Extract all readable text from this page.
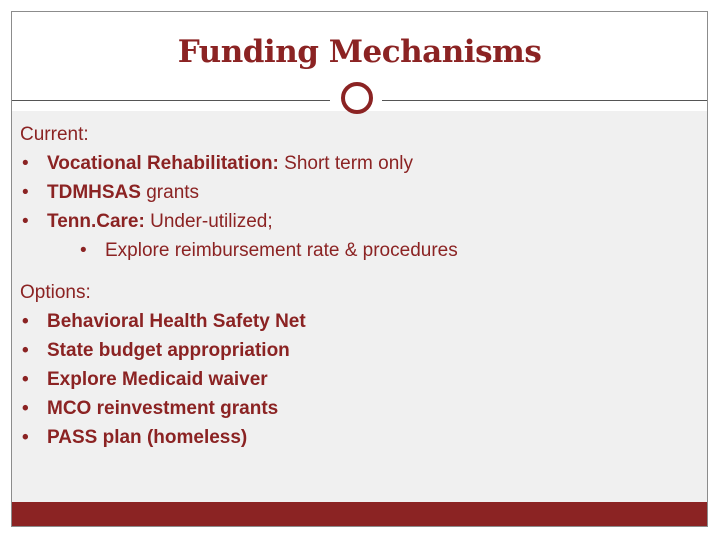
Funding Mechanisms
Current:
• Vocational Rehabilitation: Short term only
• TDMHSAS grants
• Tenn.Care: Under-utilized;
• Explore reimbursement rate & procedures
Options:
• Behavioral Health Safety Net
• State budget appropriation
• Explore Medicaid waiver
• MCO reinvestment grants
• PASS plan (homeless)
